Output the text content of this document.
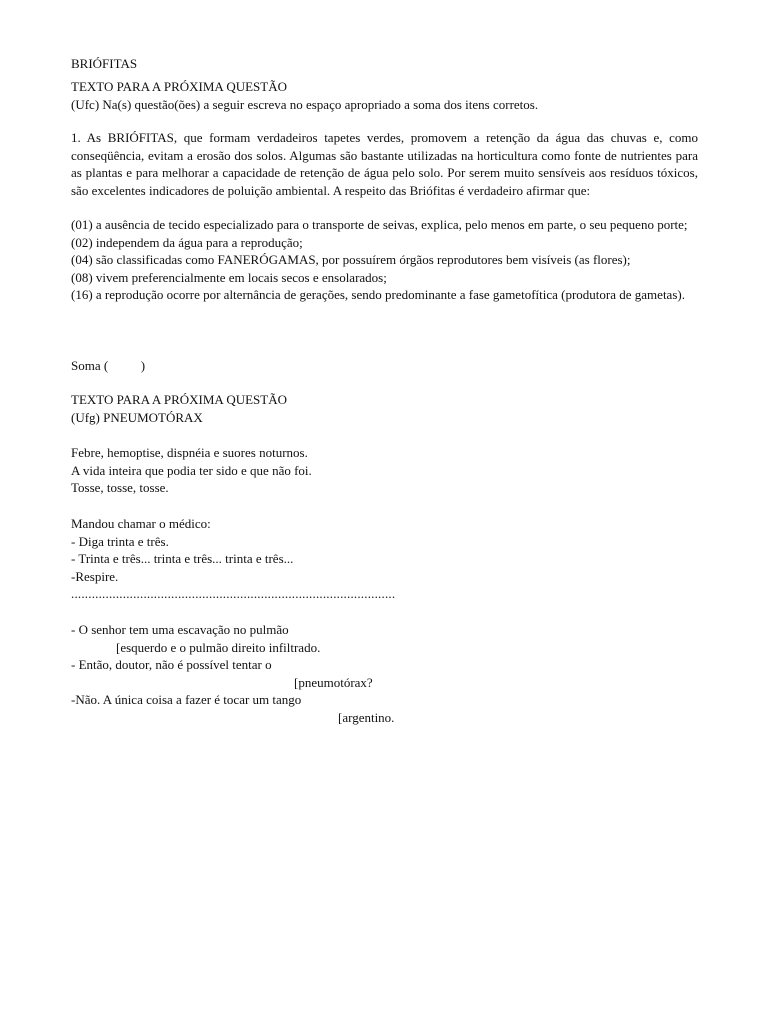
BRIÓFITAS
TEXTO PARA A PRÓXIMA QUESTÃO
(Ufc) Na(s) questão(ões) a seguir escreva no espaço apropriado a soma dos itens corretos.
1. As BRIÓFITAS, que formam verdadeiros tapetes verdes, promovem a retenção da água das chuvas e, como conseqüência, evitam a erosão dos solos. Algumas são bastante utilizadas na horticultura como fonte de nutrientes para as plantas e para melhorar a capacidade de retenção de água pelo solo. Por serem muito sensíveis aos resíduos tóxicos, são excelentes indicadores de poluição ambiental. A respeito das Briófitas é verdadeiro afirmar que:
(01) a ausência de tecido especializado para o transporte de seivas, explica, pelo menos em parte, o seu pequeno porte;
(02) independem da água para a reprodução;
(04) são classificadas como FANERÓGAMAS, por possuírem órgãos reprodutores bem visíveis (as flores);
(08) vivem preferencialmente em locais secos e ensolarados;
(16) a reprodução ocorre por alternância de gerações, sendo predominante a fase gametofítica (produtora de gametas).
Soma (          )
TEXTO PARA A PRÓXIMA QUESTÃO
(Ufg) PNEUMOTÓRAX
Febre, hemoptise, dispnéia e suores noturnos.
A vida inteira que podia ter sido e que não foi.
Tosse, tosse, tosse.
Mandou chamar o médico:
- Diga trinta e três.
- Trinta e três... trinta e três... trinta e três...
-Respire.
..............................................................................................
- O senhor tem uma escavação no pulmão
[esquerdo e o pulmão direito infiltrado.
- Então, doutor, não é possível tentar o
[pneumotórax?
-Não. A única coisa a fazer é tocar um tango
[argentino.
